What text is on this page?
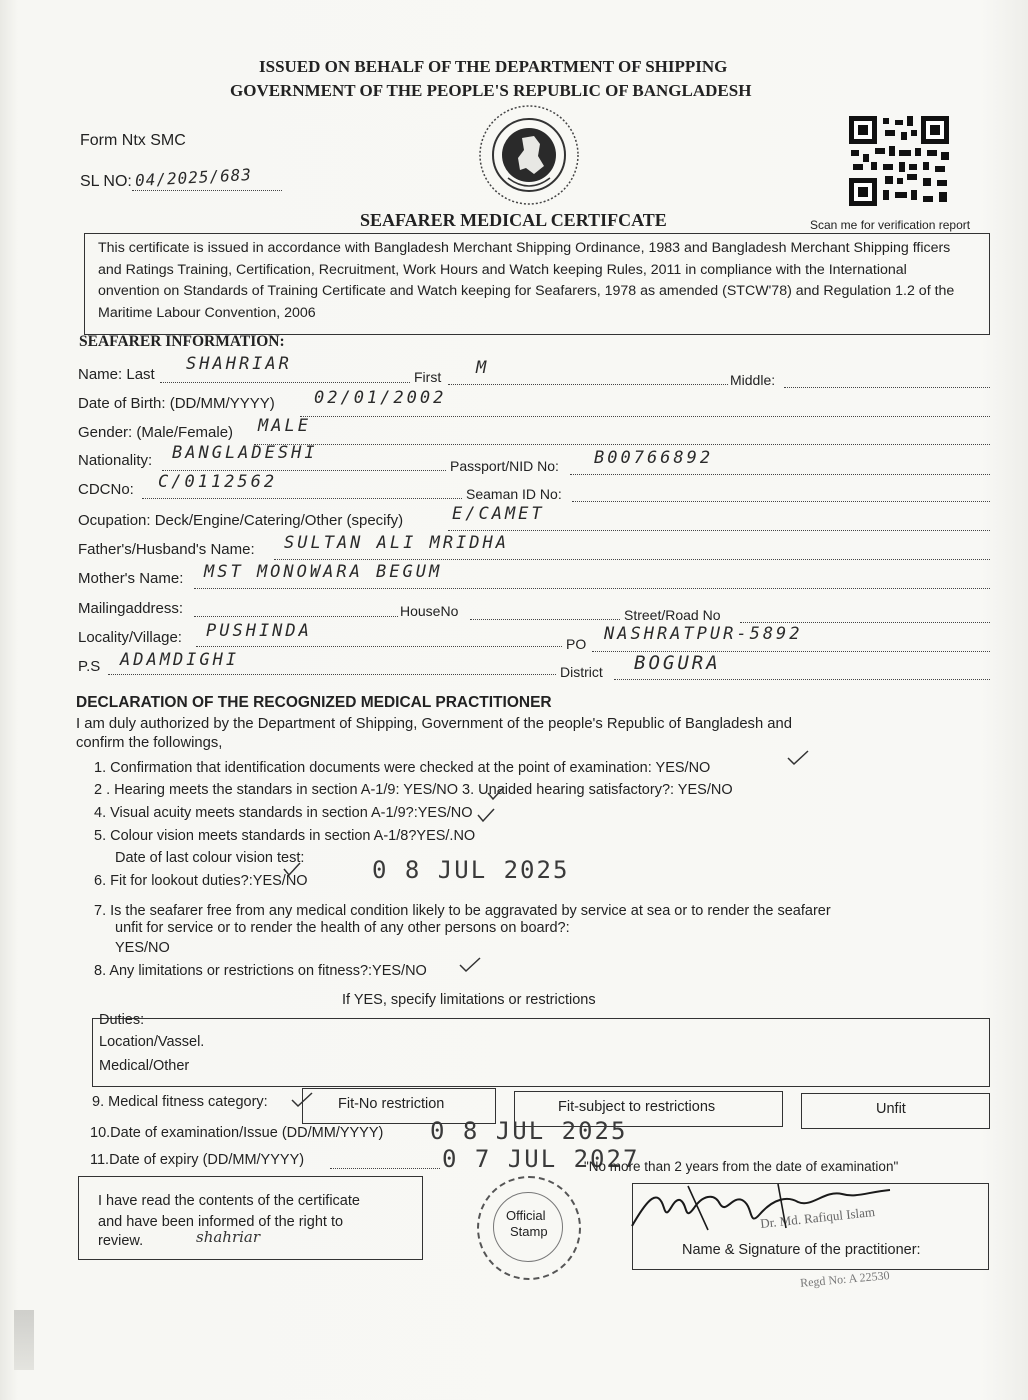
ISSUED ON BEHALF OF THE DEPARTMENT OF SHIPPING
GOVERNMENT OF THE PEOPLE'S REPUBLIC OF BANGLADESH
Form Ntx SMC
SL NO: 04/2025/683
Scan me for verification report
SEAFARER MEDICAL CERTIFCATE
This certificate is issued in accordance with Bangladesh Merchant Shipping Ordinance, 1983 and Bangladesh Merchant Shipping fficers and Ratings Training, Certification, Recruitment, Work Hours and Watch keeping Rules, 2011 in compliance with the International onvention on Standards of Training Certificate and Watch keeping for Seafarers, 1978 as amended (STCW'78) and Regulation 1.2 of the Maritime Labour Convention, 2006
SEAFARER INFORMATION:
Name: Last
SHAHRIAR
First M
Middle:
Date of Birth: (DD/MM/YYYY) 02/01/2002
Gender: (Male/Female) MALE
Nationality: BANGLADESHI
Passport/NID No: B00766892
CDCNo: C/0112562
Seaman ID No:
Ocupation: Deck/Engine/Catering/Other (specify)	E/CAMET
Father's/Husband's Name: SULTAN ALI MRIDHA
Mother's Name: MST MONOWARA BEGUM
Mailingaddress:	HouseNo	Street/Road No
Locality/Village: PUSHINDA
PO NASHRATPUR-5892
P.S ADAMDIGHI
District BOGURA
DECLARATION OF THE RECOGNIZED MEDICAL PRACTITIONER
I am duly authorized by the Department of Shipping, Government of the people's Republic of Bangladesh and
confirm the followings,
1. Confirmation that identification documents were checked at the point of examination: YES/NO
2 . Hearing meets the standars in section A-1/9: YES/NO 3. Unaided hearing satisfactory?: YES/NO
4. Visual acuity meets standards in section A-1/9?:YES/NO
5. Colour vision meets standards in section A-1/8?YES/.NO
Date of last colour vision test:	0 8 JUL 2025
6. Fit for lookout duties?:YES/NO
7. Is the seafarer free from any medical condition likely to be aggravated by service at sea or to render the seafarer
unfit for service or to render the health of any other persons on board?:
YES/NO
8. Any limitations or restrictions on fitness?:YES/NO
If YES, specify limitations or restrictions
Duties:
Location/Vassel.
Medical/Other
9. Medical fitness category:	Fit-No restriction	Fit-subject to restrictions	Unfit
10.Date of examination/Issue (DD/MM/YYYY) 0 8 JUL 2025
11.Date of expiry (DD/MM/YYYY)	0 7 JUL 2027
"No more than 2 years from the date of examination"
I have read the contents of the certificate
and have been informed of the right to
review.	shahriar
Official
Stamp
Dr. Md. Rafiqul Islam
Name & Signature of the practitioner:
Regd No: A 22530
